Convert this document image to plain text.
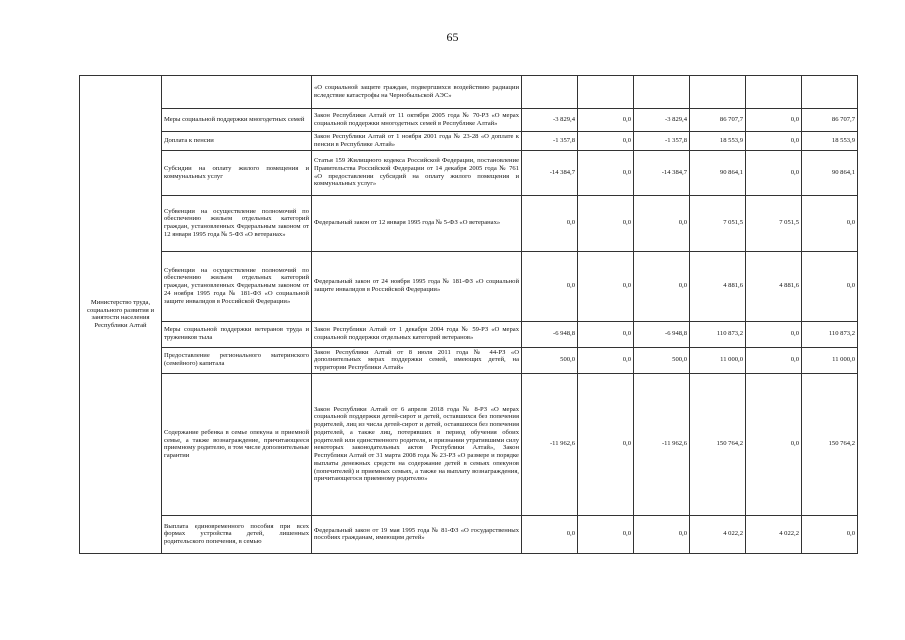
65
Министерство труда, социального развития и занятости населения Республики Алтай		«О социальной защите граждан, подвергшихся воздействию радиации вследствие катастрофы на Чернобыльской АЭС»						
	Меры социальной поддержки многодетных семей	Закон Республики Алтай от 11 октября 2005 года № 70-РЗ «О мерах социальной поддержки многодетных семей в Республике Алтай»	-3 829,4	0,0	-3 829,4	86 707,7	0,0	86 707,7
	Доплата к пенсии	Закон Республики Алтай от 1 ноября 2001 года № 23-28 «О доплате к пенсии в Республике Алтай»	-1 357,8	0,0	-1 357,8	18 553,9	0,0	18 553,9
	Субсидии на оплату жилого помещения и коммунальных услуг	Статья 159 Жилищного кодекса Российской Федерации, постановление Правительства Российской Федерации от 14 декабря 2005 года № 761 «О предоставлении субсидий на оплату жилого помещения и коммунальных услуг»	-14 384,7	0,0	-14 384,7	90 864,1	0,0	90 864,1
	Субвенции на осуществление полномочий по обеспечению жильем отдельных категорий граждан, установленных Федеральным законом от 12 января 1995 года № 5-ФЗ «О ветеранах»	Федеральный закон от 12 января 1995 года № 5-ФЗ «О ветеранах»	0,0	0,0	0,0	7 051,5	7 051,5	0,0
	Субвенции на осуществление полномочий по обеспечению жильем отдельных категорий граждан, установленных Федеральным законом от 24 ноября 1995 года № 181-ФЗ «О социальной защите инвалидов в Российской Федерации»	Федеральный закон от 24 ноября 1995 года № 181-ФЗ «О социальной защите инвалидов в Российской Федерации»	0,0	0,0	0,0	4 881,6	4 881,6	0,0
	Меры социальной поддержки ветеранов труда и тружеников тыла	Закон Республики Алтай от 1 декабря 2004 года № 59-РЗ «О мерах социальной поддержки отдельных категорий ветеранов»	-6 948,8	0,0	-6 948,8	110 873,2	0,0	110 873,2
	Предоставление регионального материнского (семейного) капитала	Закон Республики Алтай от 8 июля 2011 года № 44-РЗ «О дополнительных мерах поддержки семей, имеющих детей, на территории Республики Алтай»	500,0	0,0	500,0	11 000,0	0,0	11 000,0
	Содержание ребенка в семье опекуна и приемной семье, а также вознаграждение, причитающееся приемному родителю, в том числе дополнительные гарантии	Закон Республики Алтай от 6 апреля 2018 года № 8-РЗ «О мерах социальной поддержки детей-сирот и детей, оставшихся без попечения родителей, лиц из числа детей-сирот и детей, оставшихся без попечения родителей, а также лиц, потерявших в период обучения обоих родителей или единственного родителя, и признании утратившими силу некоторых законодательных актов Республики Алтай», Закон Республики Алтай от 31 марта 2008 года № 23-РЗ «О размере и порядке выплаты денежных средств на содержание детей в семьях опекунов (попечителей) и приемных семьях, а также на выплату вознаграждения, причитающегося приемному родителю»	-11 962,6	0,0	-11 962,6	150 764,2	0,0	150 764,2
	Выплата единовременного пособия при всех формах устройства детей, лишенных родительского попечения, в семью	Федеральный закон от 19 мая 1995 года № 81-ФЗ «О государственных пособиях гражданам, имеющим детей»	0,0	0,0	0,0	4 022,2	4 022,2	0,0
